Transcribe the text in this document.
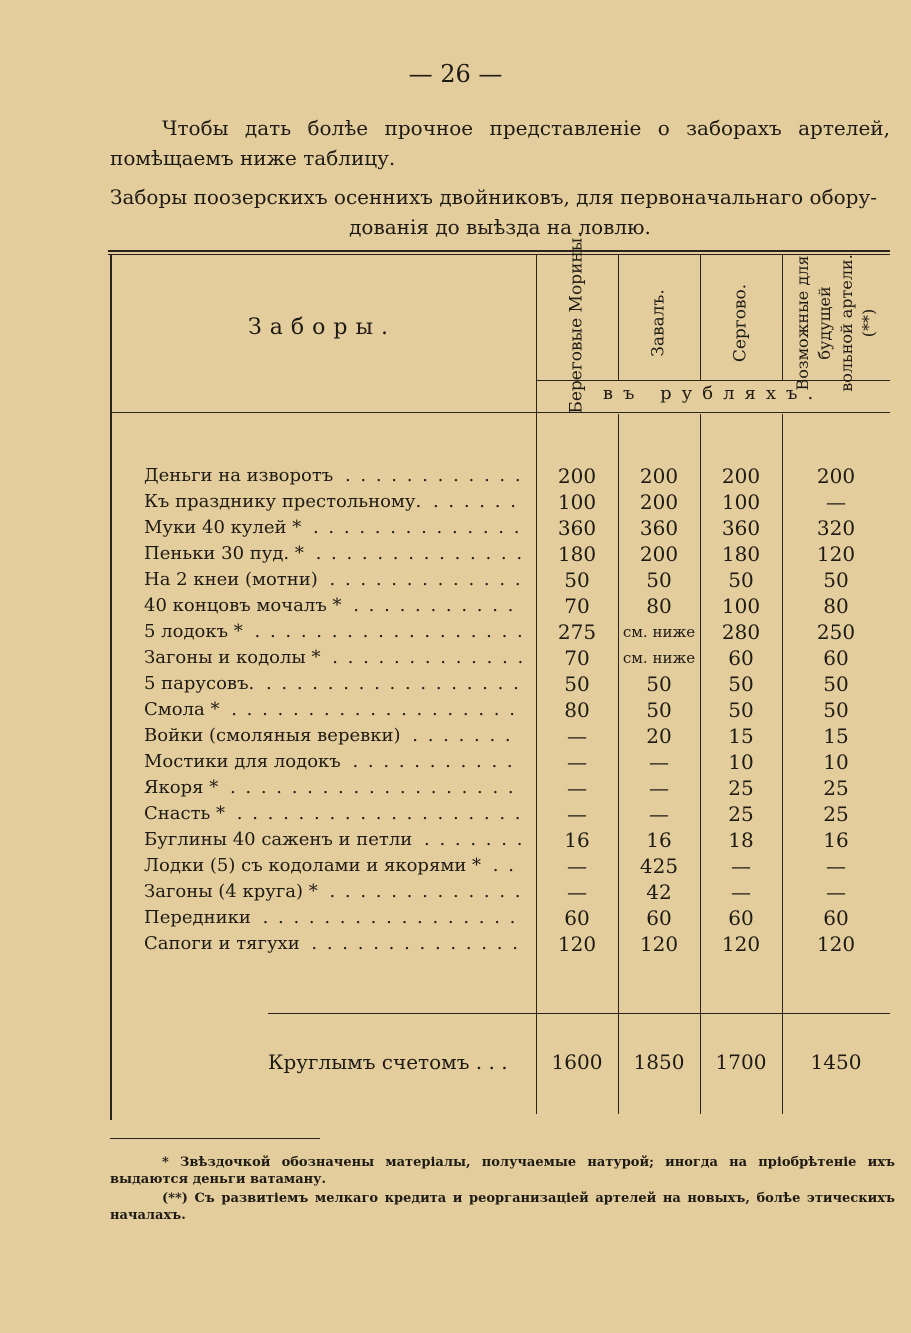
— 26 —
Чтобы дать болѣе прочное представленіе о заборахъ артелей, помѣщаемъ ниже таблицу.
Заборы поозерскихъ осеннихъ двойниковъ, для первоначальнаго обору-
дованія до выѣзда на ловлю.
Заборы.	Береговые Морины.	Завалъ.	Сергово.	Возможные для будущей вольной артели. (**)
въ рубляхъ.
Деньги на изворотъ . . .	200	200	200	200
Къ празднику престольному. . . .	100	200	100	—
Муки 40 кулей * . . .	360	360	360	320
Пеньки 30 пуд. * . . .	180	200	180	120
На 2 кнеи (мотни) . . .	50	50	50	50
40 концовъ мочалъ * . . .	70	80	100	80
5 лодокъ * . . .	275	см. ниже	280	250
Загоны и кодолы * . . .	70	см. ниже	60	60
5 парусовъ. . . .	50	50	50	50
Смола * . . .	80	50	50	50
Войки (смоляныя веревки) . . .	—	20	15	15
Мостики для лодокъ . . .	—	—	10	10
Якоря * . . .	—	—	25	25
Снасть * . . .	—	—	25	25
Буглины 40 саженъ и петли . . .	16	16	18	16
Лодки (5) съ кодолами и якорями * . . .	—	425	—	—
Загоны (4 круга) * . . .	—	42	—	—
Передники . . .	60	60	60	60
Сапоги и тягухи . . .	120	120	120	120
Круглымъ счетомъ . . .	1600	1850	1700	1450
* Звѣздочкой обозначены матеріалы, получаемые натурой; иногда на пріобрѣтеніе ихъ выдаются деньги ватаману.
(**) Съ развитіемъ мелкаго кредита и реорганизаціей артелей на новыхъ, болѣе этическихъ началахъ.
